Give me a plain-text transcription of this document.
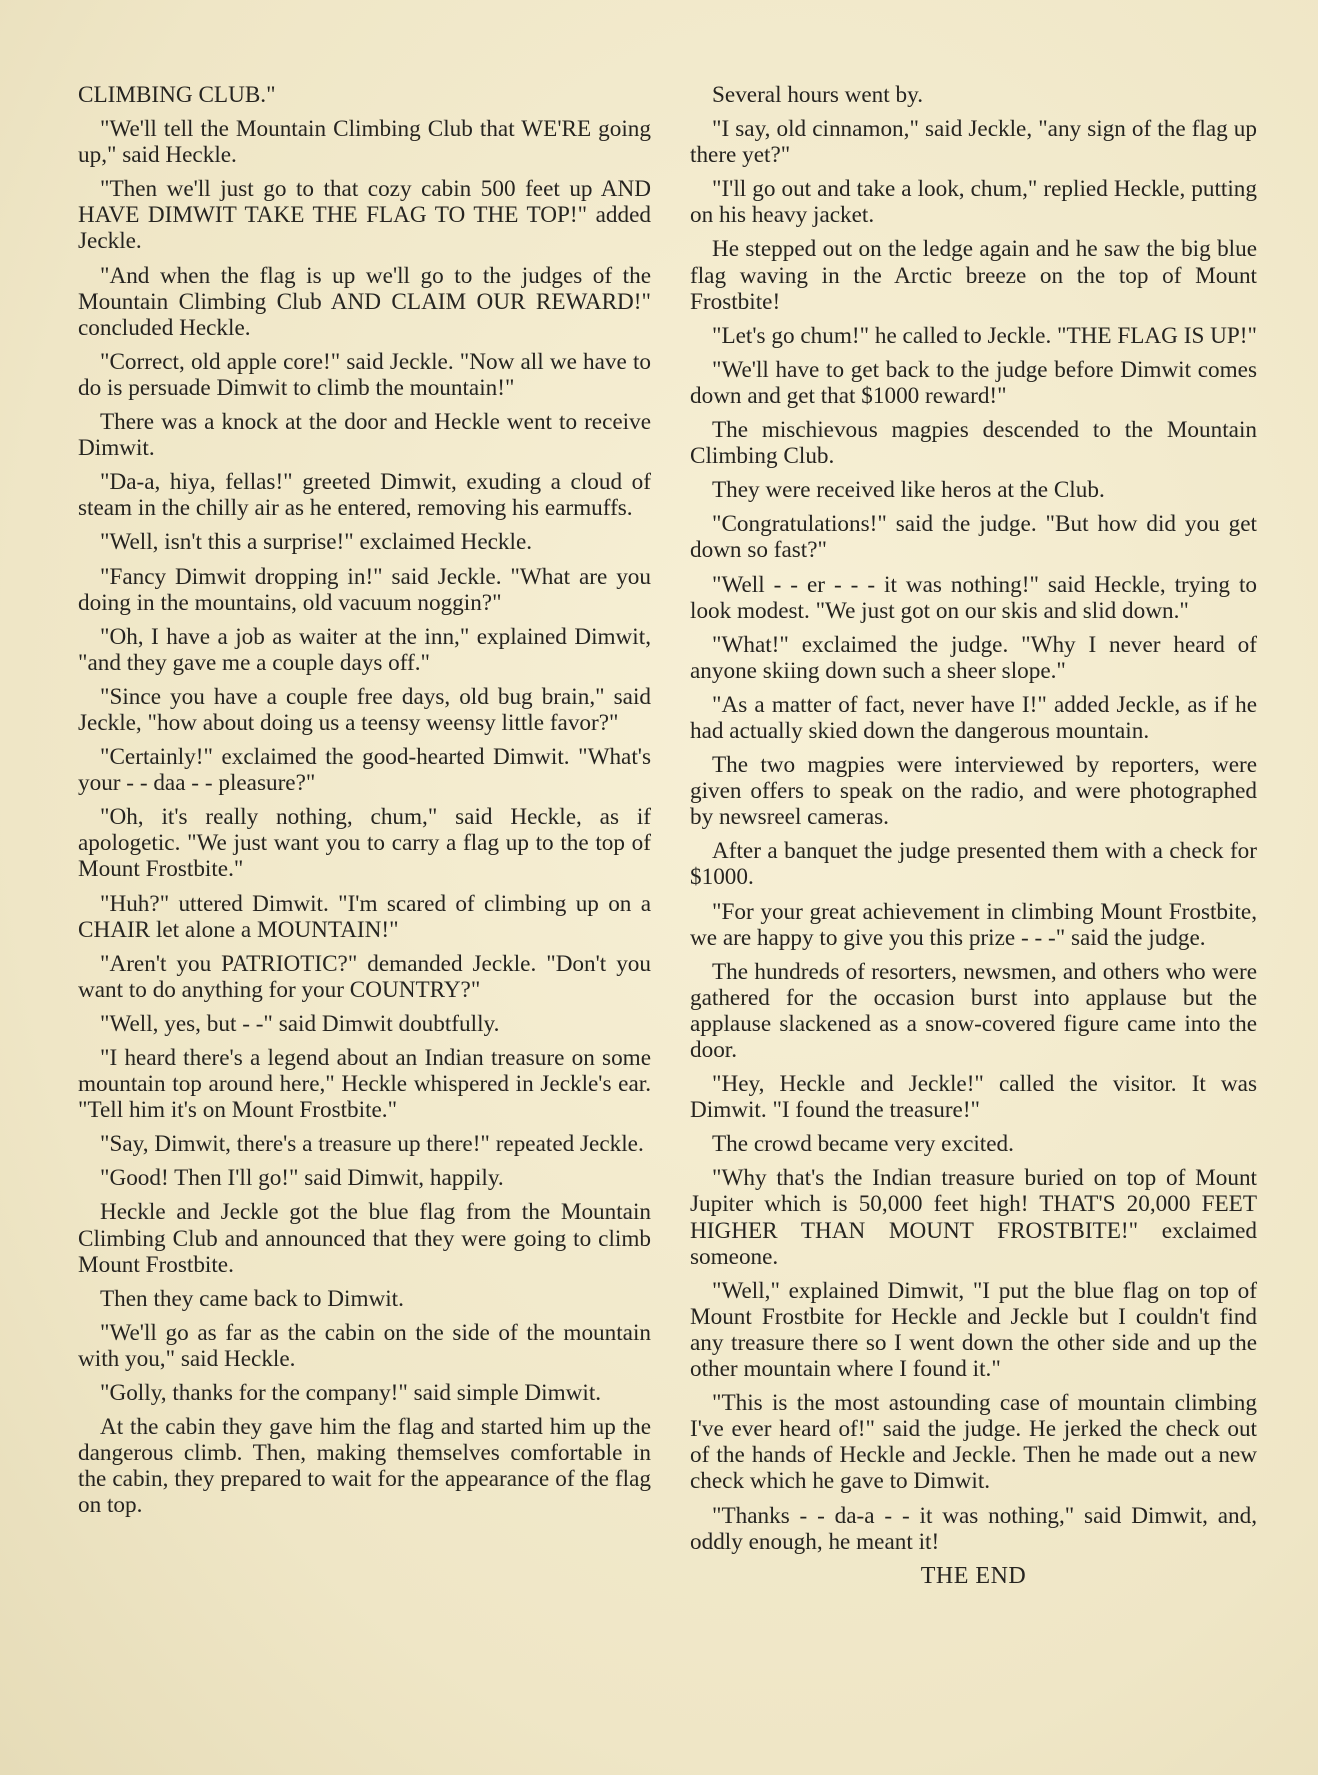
CLIMBING CLUB."

"We'll tell the Mountain Climbing Club that WE'RE going up," said Heckle.

"Then we'll just go to that cozy cabin 500 feet up AND HAVE DIMWIT TAKE THE FLAG TO THE TOP!" added Jeckle.

"And when the flag is up we'll go to the judges of the Mountain Climbing Club AND CLAIM OUR REWARD!" concluded Heckle.

"Correct, old apple core!" said Jeckle. "Now all we have to do is persuade Dimwit to climb the mountain!"

There was a knock at the door and Heckle went to receive Dimwit.

"Da-a, hiya, fellas!" greeted Dimwit, exuding a cloud of steam in the chilly air as he entered, removing his earmuffs.

"Well, isn't this a surprise!" exclaimed Heckle.

"Fancy Dimwit dropping in!" said Jeckle. "What are you doing in the mountains, old vacuum noggin?"

"Oh, I have a job as waiter at the inn," explained Dimwit, "and they gave me a couple days off."

"Since you have a couple free days, old bug brain," said Jeckle, "how about doing us a teensy weensy little favor?"

"Certainly!" exclaimed the good-hearted Dimwit. "What's your - - daa - - pleasure?"

"Oh, it's really nothing, chum," said Heckle, as if apologetic. "We just want you to carry a flag up to the top of Mount Frostbite."

"Huh?" uttered Dimwit. "I'm scared of climbing up on a CHAIR let alone a MOUNTAIN!"

"Aren't you PATRIOTIC?" demanded Jeckle. "Don't you want to do anything for your COUNTRY?"

"Well, yes, but - -" said Dimwit doubtfully.

"I heard there's a legend about an Indian treasure on some mountain top around here," Heckle whispered in Jeckle's ear. "Tell him it's on Mount Frostbite."

"Say, Dimwit, there's a treasure up there!" repeated Jeckle.

"Good! Then I'll go!" said Dimwit, happily.

Heckle and Jeckle got the blue flag from the Mountain Climbing Club and announced that they were going to climb Mount Frostbite.

Then they came back to Dimwit.

"We'll go as far as the cabin on the side of the mountain with you," said Heckle.

"Golly, thanks for the company!" said simple Dimwit.

At the cabin they gave him the flag and started him up the dangerous climb. Then, making themselves comfortable in the cabin, they prepared to wait for the appearance of the flag on top.

Several hours went by.

"I say, old cinnamon," said Jeckle, "any sign of the flag up there yet?"

"I'll go out and take a look, chum," replied Heckle, putting on his heavy jacket.

He stepped out on the ledge again and he saw the big blue flag waving in the Arctic breeze on the top of Mount Frostbite!

"Let's go chum!" he called to Jeckle. "THE FLAG IS UP!"

"We'll have to get back to the judge before Dimwit comes down and get that $1000 reward!"

The mischievous magpies descended to the Mountain Climbing Club.

They were received like heros at the Club.

"Congratulations!" said the judge. "But how did you get down so fast?"

"Well - - er - - - it was nothing!" said Heckle, trying to look modest. "We just got on our skis and slid down."

"What!" exclaimed the judge. "Why I never heard of anyone skiing down such a sheer slope."

"As a matter of fact, never have I!" added Jeckle, as if he had actually skied down the dangerous mountain.

The two magpies were interviewed by reporters, were given offers to speak on the radio, and were photographed by newsreel cameras.

After a banquet the judge presented them with a check for $1000.

"For your great achievement in climbing Mount Frostbite, we are happy to give you this prize - - -" said the judge.

The hundreds of resorters, newsmen, and others who were gathered for the occasion burst into applause but the applause slackened as a snow-covered figure came into the door.

"Hey, Heckle and Jeckle!" called the visitor. It was Dimwit. "I found the treasure!"

The crowd became very excited.

"Why that's the Indian treasure buried on top of Mount Jupiter which is 50,000 feet high! THAT'S 20,000 FEET HIGHER THAN MOUNT FROSTBITE!" exclaimed someone.

"Well," explained Dimwit, "I put the blue flag on top of Mount Frostbite for Heckle and Jeckle but I couldn't find any treasure there so I went down the other side and up the other mountain where I found it."

"This is the most astounding case of mountain climbing I've ever heard of!" said the judge. He jerked the check out of the hands of Heckle and Jeckle. Then he made out a new check which he gave to Dimwit.

"Thanks - - da-a - - it was nothing," said Dimwit, and, oddly enough, he meant it!

THE END
